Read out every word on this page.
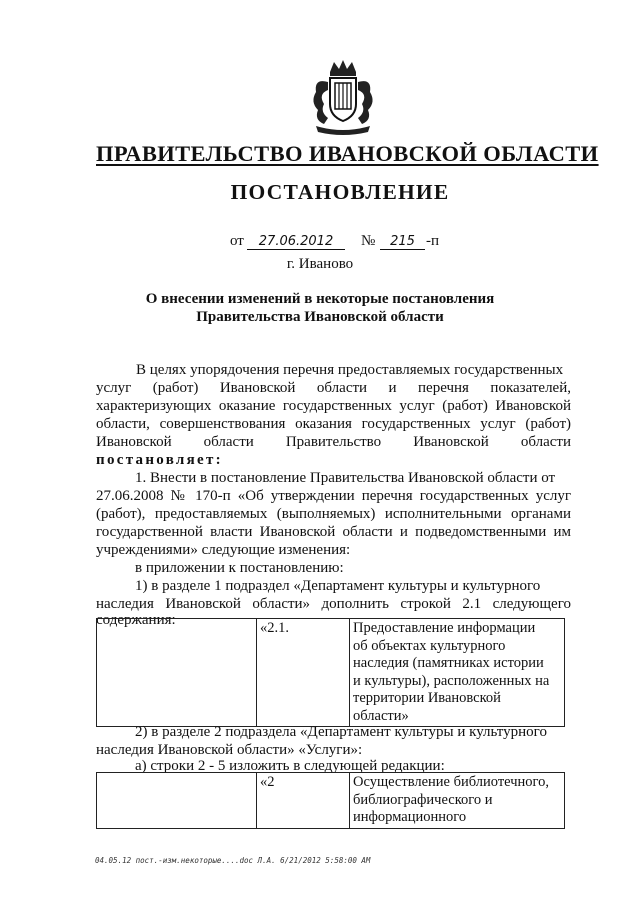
ПРАВИТЕЛЬСТВО ИВАНОВСКОЙ ОБЛАСТИ
ПОСТАНОВЛЕНИЕ
от	27.06.2012	№	215 -п
г. Иваново
О внесении изменений в некоторые постановления
Правительства Ивановской области
В целях упорядочения перечня предоставляемых государственных
услуг (работ) Ивановской области и перечня показателей,
характеризующих оказание государственных услуг (работ) Ивановской
области, совершенствования оказания государственных услуг (работ)
Ивановской области Правительство Ивановской области
постановляет:
1. Внести в постановление Правительства Ивановской области от
27.06.2008 № 170-п «Об утверждении перечня государственных услуг
(работ), предоставляемых (выполняемых) исполнительными органами
государственной власти Ивановской области и подведомственными им
учреждениями» следующие изменения:
в приложении к постановлению:
1) в разделе 1 подраздел «Департамент культуры и культурного
наследия Ивановской области» дополнить строкой 2.1 следующего
содержания:
		«2.1.	Предоставление информации
об объектах культурного
наследия (памятниках истории
и культуры), расположенных на
территории Ивановской
области»
2) в разделе 2 подраздела «Департамент культуры и культурного
наследия Ивановской области» «Услуги»:
а) строки 2 - 5 изложить в следующей редакции:
	«2	Осуществление библиотечного,
библиографического и
информационного
04.05.12 пост.-изм.некоторые....doc Л.А. 6/21/2012 5:58:00 AM
